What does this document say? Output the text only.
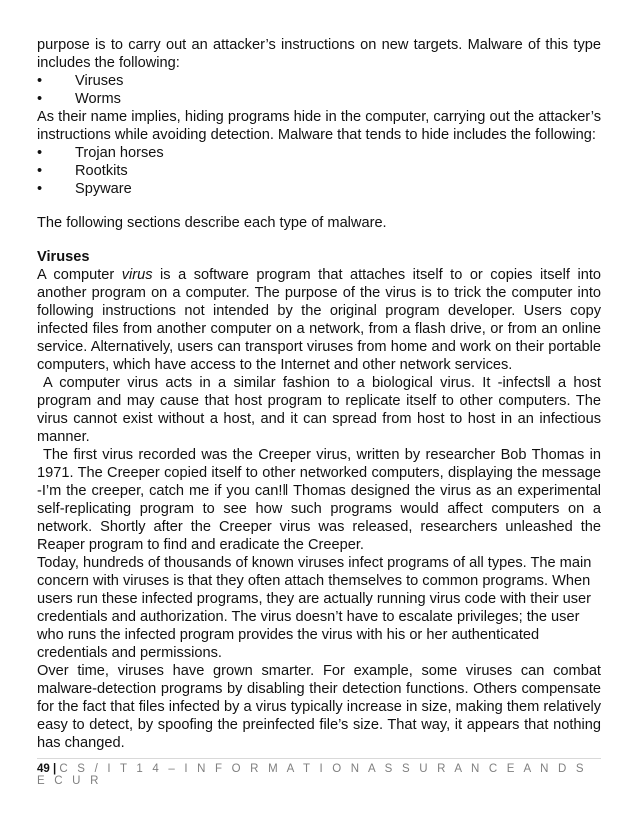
purpose is to carry out an attacker’s instructions on new targets. Malware of this type includes the following:

• Viruses
• Worms

As their name implies, hiding programs hide in the computer, carrying out the attacker’s instructions while avoiding detection. Malware that tends to hide includes the following:

• Trojan horses
• Rootkits
• Spyware

The following sections describe each type of malware.

Viruses

A computer virus is a software program that attaches itself to or copies itself into another program on a computer. The purpose of the virus is to trick the computer into following instructions not intended by the original program developer. Users copy infected files from another computer on a network, from a flash drive, or from an online service. Alternatively, users can transport viruses from home and work on their portable computers, which have access to the Internet and other network services.

A computer virus acts in a similar fashion to a biological virus. It ‑infects‖ a host program and may cause that host program to replicate itself to other computers. The virus cannot exist without a host, and it can spread from host to host in an infectious manner.

The first virus recorded was the Creeper virus, written by researcher Bob Thomas in 1971. The Creeper copied itself to other networked computers, displaying the message ‑I’m the creeper, catch me if you can!‖ Thomas designed the virus as an experimental self-replicating program to see how such programs would affect computers on a network. Shortly after the Creeper virus was released, researchers unleashed the Reaper program to find and eradicate the Creeper.

Today, hundreds of thousands of known viruses infect programs of all types. The main concern with viruses is that they often attach themselves to common programs. When users run these infected programs, they are actually running virus code with their user credentials and authorization. The virus doesn’t have to escalate privileges; the user who runs the infected program provides the virus with his or her authenticated credentials and permissions.

Over time, viruses have grown smarter. For example, some viruses can combat malware-detection programs by disabling their detection functions. Others compensate for the fact that files infected by a virus typically increase in size, making them relatively easy to detect, by spoofing the preinfected file’s size. That way, it appears that nothing has changed.

49 | C S / I T 1 4 – I N F O R M A T I O N A S S U R A N C E A N D S E C U R
